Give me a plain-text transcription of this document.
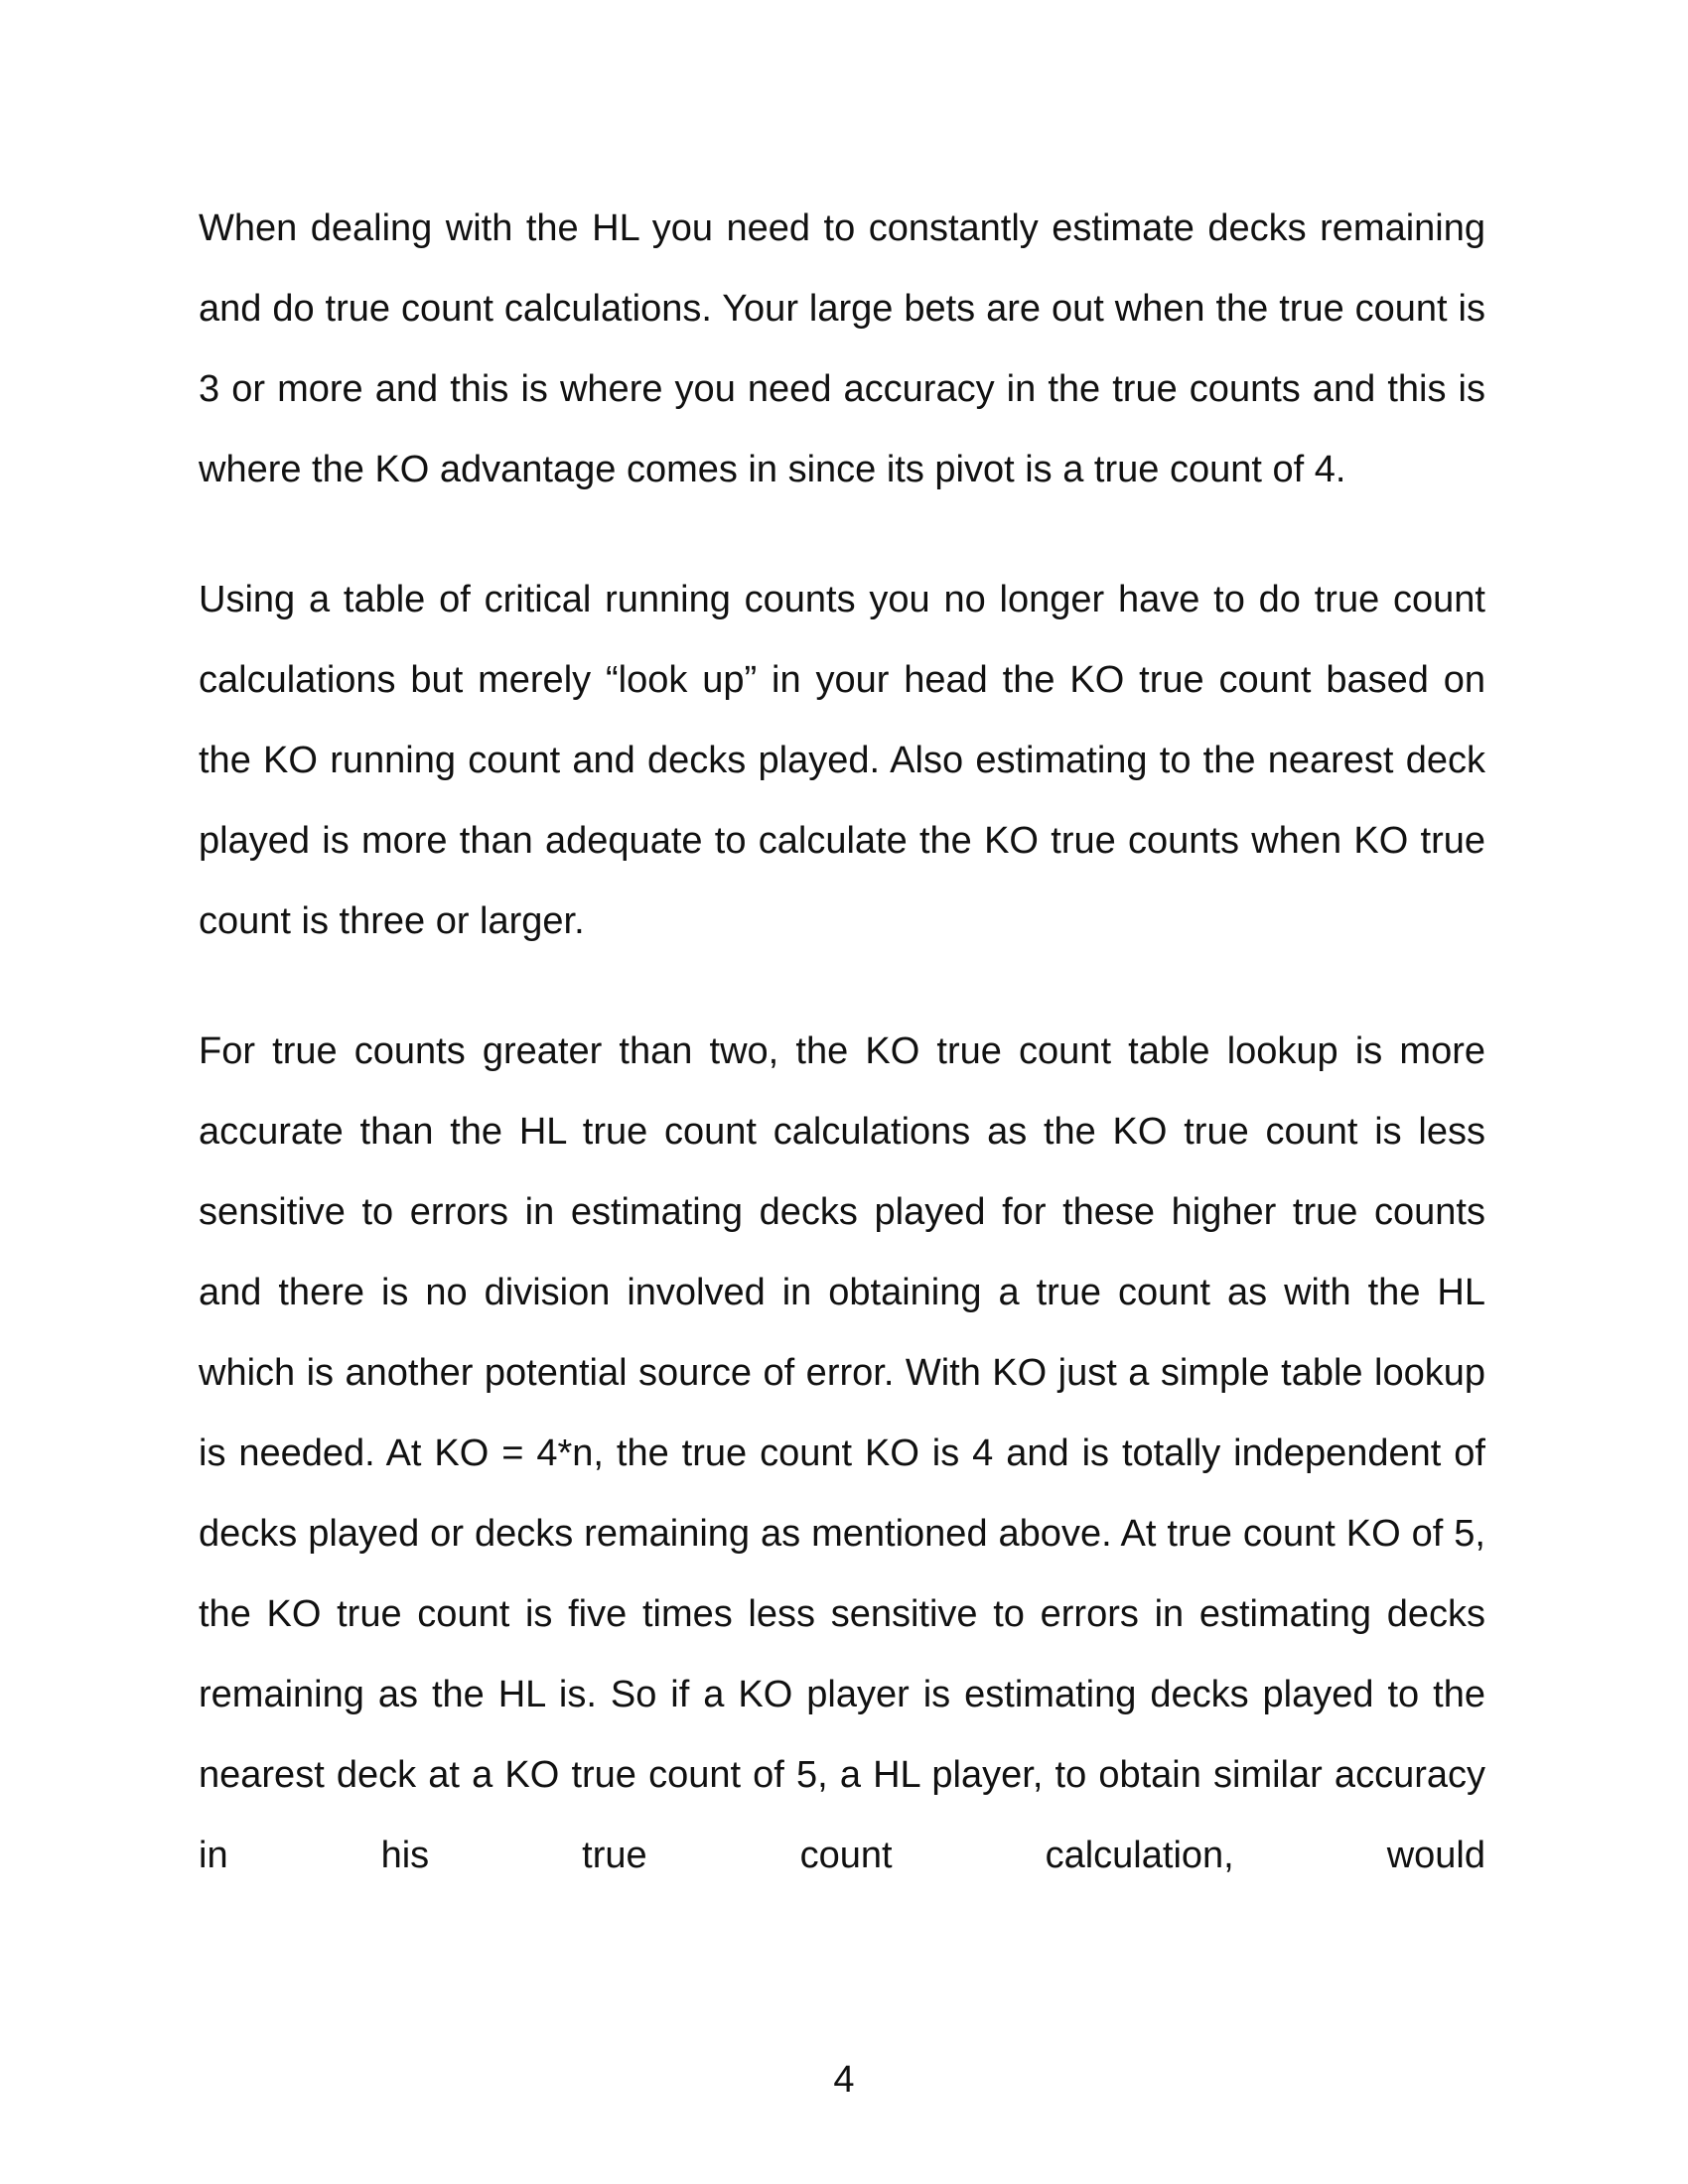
When dealing with the HL you need to constantly estimate decks remaining and do true count calculations. Your large bets are out when the true count is 3 or more and this is where you need accuracy in the true counts and this is where the KO advantage comes in since its pivot is a true count of 4.

Using a table of critical running counts you no longer have to do true count calculations but merely “look up” in your head the KO true count based on the KO running count and decks played. Also estimating to the nearest deck played is more than adequate to calculate the KO true counts when KO true count is three or larger.

For true counts greater than two, the KO true count table lookup is more accurate than the HL true count calculations as the KO true count is less sensitive to errors in estimating decks played for these higher true counts and there is no division involved in obtaining a true count as with the HL which is another potential source of error. With KO just a simple table lookup is needed. At KO = 4*n, the true count KO is 4 and is totally independent of decks played or decks remaining as mentioned above. At true count KO of 5, the KO true count is five times less sensitive to errors in estimating decks remaining as the HL is. So if a KO player is estimating decks played to the nearest deck at a KO true count of 5, a HL player, to obtain similar accuracy in his true count calculation, would

4
